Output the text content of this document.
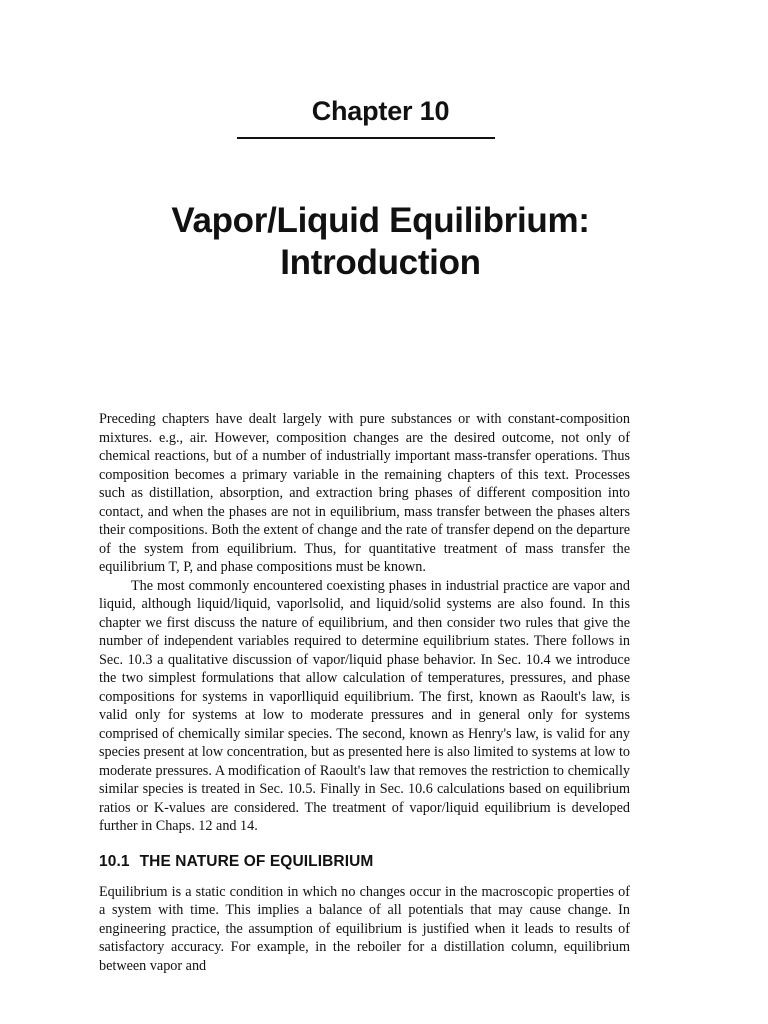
Chapter 10
Vapor/Liquid Equilibrium:
Introduction

Preceding chapters have dealt largely with pure substances or with constant-composition mixtures. e.g., air. However, composition changes are the desired outcome, not only of chemical reactions, but of a number of industrially important mass-transfer operations. Thus composition becomes a primary variable in the remaining chapters of this text. Processes such as distillation, absorption, and extraction bring phases of different composition into contact, and when the phases are not in equilibrium, mass transfer between the phases alters their compositions. Both the extent of change and the rate of transfer depend on the departure of the system from equilibrium. Thus, for quantitative treatment of mass transfer the equilibrium T, P, and phase compositions must be known.

The most commonly encountered coexisting phases in industrial practice are vapor and liquid, although liquid/liquid, vaporlsolid, and liquid/solid systems are also found. In this chapter we first discuss the nature of equilibrium, and then consider two rules that give the number of independent variables required to determine equilibrium states. There follows in Sec. 10.3 a qualitative discussion of vapor/liquid phase behavior. In Sec. 10.4 we introduce the two simplest formulations that allow calculation of temperatures, pressures, and phase compositions for systems in vaporlliquid equilibrium. The first, known as Raoult's law, is valid only for systems at low to moderate pressures and in general only for systems comprised of chemically similar species. The second, known as Henry's law, is valid for any species present at low concentration, but as presented here is also limited to systems at low to moderate pressures. A modification of Raoult's law that removes the restriction to chemically similar species is treated in Sec. 10.5. Finally in Sec. 10.6 calculations based on equilibrium ratios or K-values are considered. The treatment of vapor/liquid equilibrium is developed further in Chaps. 12 and 14.

10.1 THE NATURE OF EQUILIBRIUM

Equilibrium is a static condition in which no changes occur in the macroscopic properties of a system with time. This implies a balance of all potentials that may cause change. In engineering practice, the assumption of equilibrium is justified when it leads to results of satisfactory accuracy. For example, in the reboiler for a distillation column, equilibrium between vapor and
